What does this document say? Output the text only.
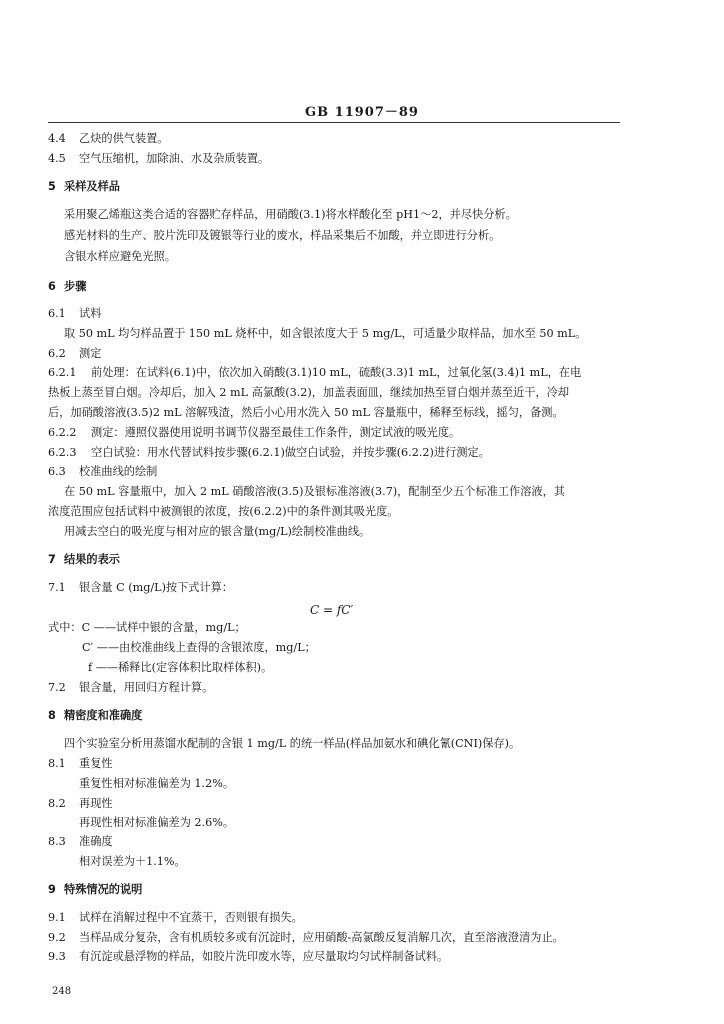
GB 11907－89
4.4 乙炔的供气装置。
4.5 空气压缩机，加除油、水及杂质装置。
5 采样及样品
采用聚乙烯瓶这类合适的容器贮存样品，用硝酸(3.1)将水样酸化至 pH1～2，并尽快分析。
感光材料的生产、胶片洗印及镀银等行业的废水，样品采集后不加酸，并立即进行分析。
含银水样应避免光照。
6 步骤
6.1 试料
取 50 mL 均匀样品置于 150 mL 烧杯中，如含银浓度大于 5 mg/L，可适量少取样品，加水至 50 mL。
6.2 测定
6.2.1 前处理：在试料(6.1)中，依次加入硝酸(3.1)10 mL，硫酸(3.3)1 mL，过氧化氢(3.4)1 mL，在电
热板上蒸至冒白烟。冷却后，加入 2 mL 高氯酸(3.2)，加盖表面皿，继续加热至冒白烟并蒸至近干，冷却
后，加硝酸溶液(3.5)2 mL 溶解残渣，然后小心用水洗入 50 mL 容量瓶中，稀释至标线，摇匀，备测。
6.2.2 测定：遵照仪器使用说明书调节仪器至最佳工作条件，测定试液的吸光度。
6.2.3 空白试验：用水代替试料按步骤(6.2.1)做空白试验，并按步骤(6.2.2)进行测定。
6.3 校准曲线的绘制
在 50 mL 容量瓶中，加入 2 mL 硝酸溶液(3.5)及银标准溶液(3.7)，配制至少五个标准工作溶液，其
浓度范围应包括试料中被测银的浓度，按(6.2.2)中的条件测其吸光度。
用减去空白的吸光度与相对应的银含量(mg/L)绘制校准曲线。
7 结果的表示
7.1 银含量 C (mg/L)按下式计算：
式中：C ——试样中银的含量，mg/L；
C′ ——由校准曲线上查得的含银浓度，mg/L；
f ——稀释比(定容体积比取样体积)。
7.2 银含量，用回归方程计算。
8 精密度和准确度
四个实验室分析用蒸馏水配制的含银 1 mg/L 的统一样品(样品加氨水和碘化氰(CNI)保存)。
8.1 重复性
重复性相对标准偏差为 1.2%。
8.2 再现性
再现性相对标准偏差为 2.6%。
8.3 准确度
相对误差为＋1.1%。
9 特殊情况的说明
9.1 试样在消解过程中不宜蒸干，否则银有损失。
9.2 当样品成分复杂，含有机质较多或有沉淀时，应用硝酸-高氯酸反复消解几次，直至溶液澄清为止。
9.3 有沉淀或悬浮物的样品，如胶片洗印废水等，应尽量取均匀试样制备试料。
C = fC′
248
